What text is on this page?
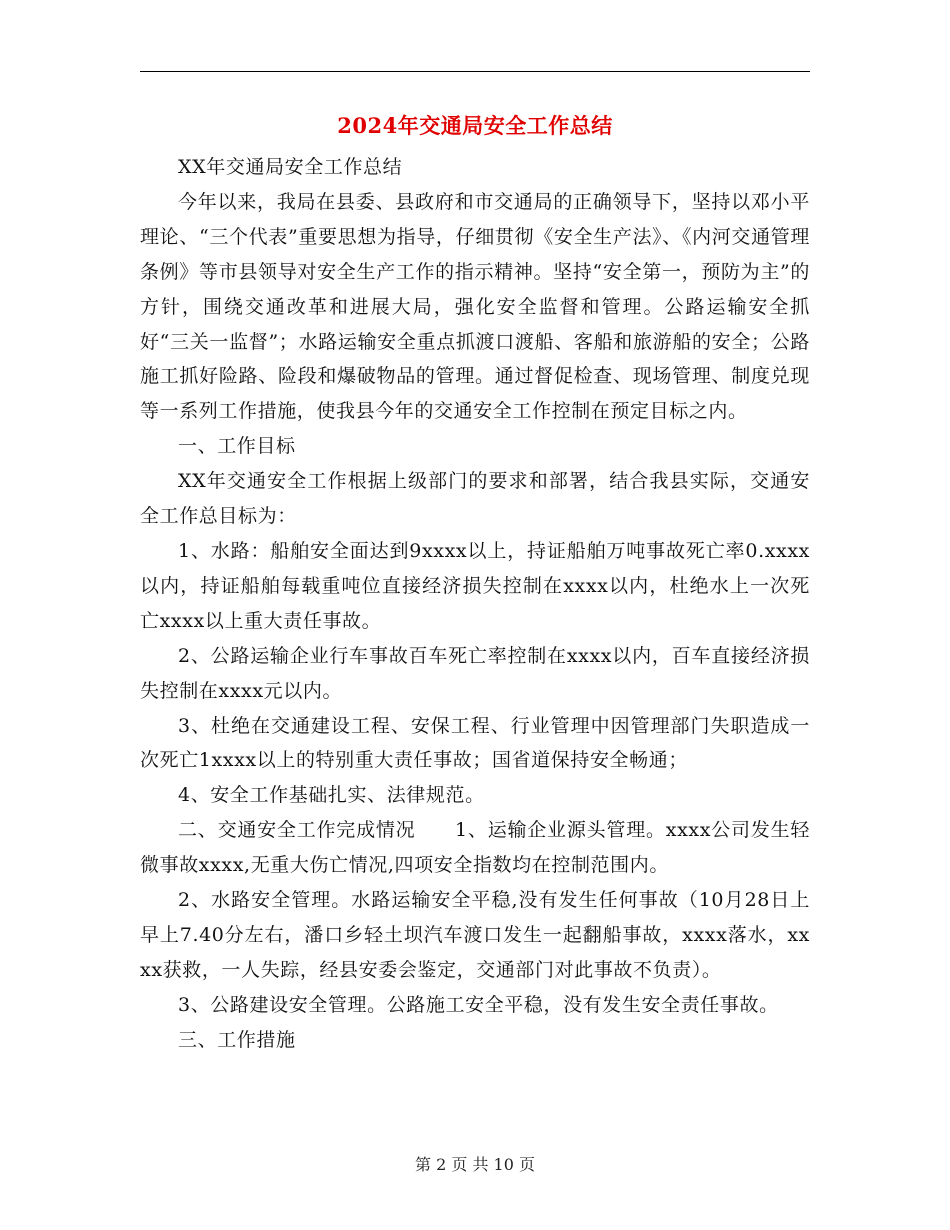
2024年交通局安全工作总结

XX年交通局安全工作总结

今年以来，我局在县委、县政府和市交通局的正确领导下，坚持以邓小平理论、“三个代表”重要思想为指导，仔细贯彻《安全生产法》、《内河交通管理条例》等市县领导对安全生产工作的指示精神。坚持“安全第一，预防为主”的方针，围绕交通改革和进展大局，强化安全监督和管理。公路运输安全抓好“三关一监督”；水路运输安全重点抓渡口渡船、客船和旅游船的安全；公路施工抓好险路、险段和爆破物品的管理。通过督促检查、现场管理、制度兑现等一系列工作措施，使我县今年的交通安全工作控制在预定目标之内。

一、工作目标

XX年交通安全工作根据上级部门的要求和部署，结合我县实际，交通安全工作总目标为：

1、水路：船舶安全面达到9xxxx以上，持证船舶万吨事故死亡率0.xxxx以内，持证船舶每载重吨位直接经济损失控制在xxxx以内，杜绝水上一次死亡xxxx以上重大责任事故。

2、公路运输企业行车事故百车死亡率控制在xxxx以内，百车直接经济损失控制在xxxx元以内。

3、杜绝在交通建设工程、安保工程、行业管理中因管理部门失职造成一次死亡1xxxx以上的特别重大责任事故；国省道保持安全畅通；

4、安全工作基础扎实、法律规范。

二、交通安全工作完成情况　　1、运输企业源头管理。xxxx公司发生轻微事故xxxx,无重大伤亡情况,四项安全指数均在控制范围内。

2、水路安全管理。水路运输安全平稳,没有发生任何事故（10月28日上早上7.40分左右，潘口乡轻土坝汽车渡口发生一起翻船事故，xxxx落水，xxxx获救，一人失踪，经县安委会鉴定，交通部门对此事故不负责）。

3、公路建设安全管理。公路施工安全平稳，没有发生安全责任事故。

三、工作措施

第 2 页 共 10 页
